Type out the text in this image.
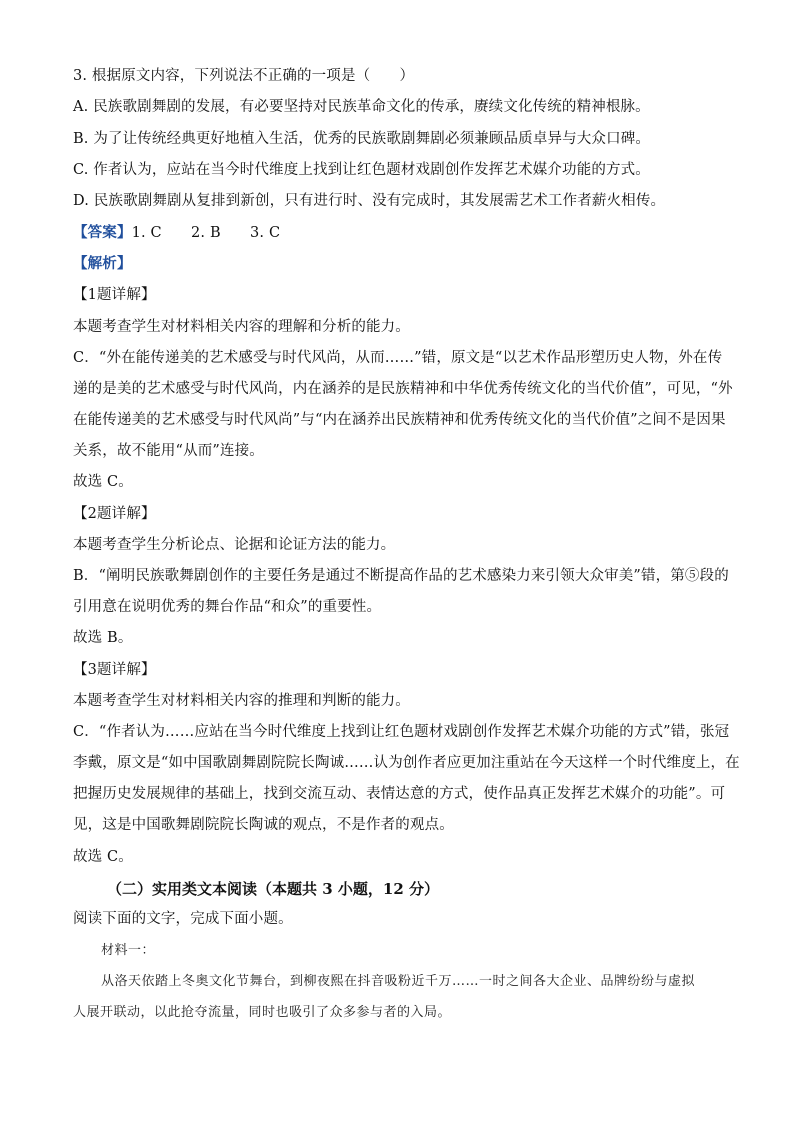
3. 根据原文内容，下列说法不正确的一项是（　　）
A. 民族歌剧舞剧的发展，有必要坚持对民族革命文化的传承，赓续文化传统的精神根脉。
B. 为了让传统经典更好地植入生活，优秀的民族歌剧舞剧必须兼顾品质卓异与大众口碑。
C. 作者认为，应站在当今时代维度上找到让红色题材戏剧创作发挥艺术媒介功能的方式。
D. 民族歌剧舞剧从复排到新创，只有进行时、没有完成时，其发展需艺术工作者薪火相传。
【答案】1. C　　2. B　　3. C
【解析】
【1题详解】
本题考查学生对材料相关内容的理解和分析的能力。
C．“外在能传递美的艺术感受与时代风尚，从而……”错，原文是“以艺术作品形塑历史人物，外在传
递的是美的艺术感受与时代风尚，内在涵养的是民族精神和中华优秀传统文化的当代价值”，可见，“外
在能传递美的艺术感受与时代风尚”与“内在涵养出民族精神和优秀传统文化的当代价值”之间不是因果
关系，故不能用“从而”连接。
故选 C。
【2题详解】
本题考查学生分析论点、论据和论证方法的能力。
B．“阐明民族歌舞剧创作的主要任务是通过不断提高作品的艺术感染力来引领大众审美”错，第⑤段的
引用意在说明优秀的舞台作品“和众”的重要性。
故选 B。
【3题详解】
本题考查学生对材料相关内容的推理和判断的能力。
C．“作者认为……应站在当今时代维度上找到让红色题材戏剧创作发挥艺术媒介功能的方式”错，张冠
李戴，原文是“如中国歌剧舞剧院院长陶诚……认为创作者应更加注重站在今天这样一个时代维度上，在
把握历史发展规律的基础上，找到交流互动、表情达意的方式，使作品真正发挥艺术媒介的功能”。可
见，这是中国歌舞剧院院长陶诚的观点，不是作者的观点。
故选 C。
（二）实用类文本阅读（本题共 3 小题，12 分）
阅读下面的文字，完成下面小题。
材料一：
从洛天依踏上冬奥文化节舞台，到柳夜熙在抖音吸粉近千万……一时之间各大企业、品牌纷纷与虚拟
人展开联动，以此抢夺流量，同时也吸引了众多参与者的入局。
